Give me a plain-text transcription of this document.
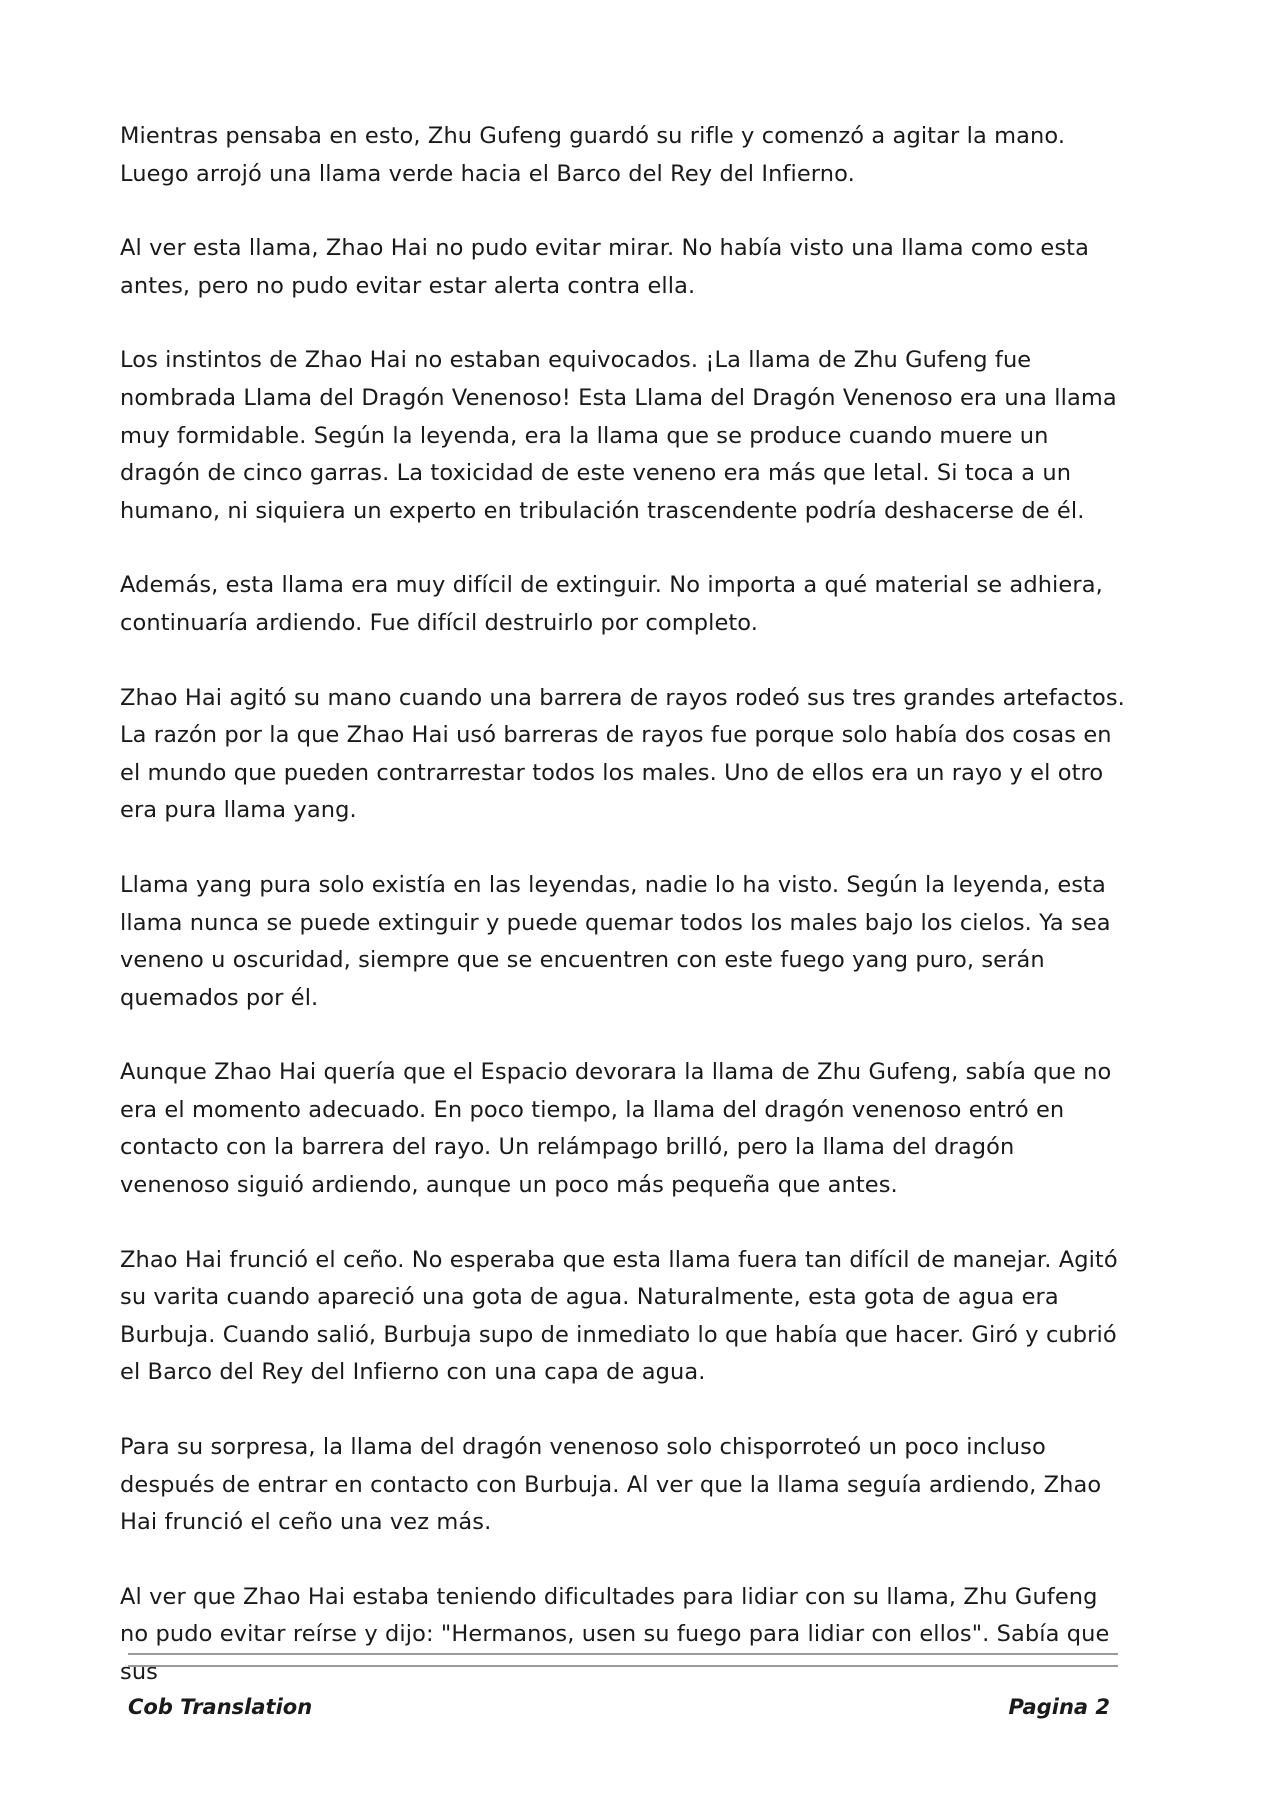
Mientras pensaba en esto, Zhu Gufeng guardó su rifle y comenzó a agitar la mano. Luego arrojó una llama verde hacia el Barco del Rey del Infierno.

Al ver esta llama, Zhao Hai no pudo evitar mirar. No había visto una llama como esta antes, pero no pudo evitar estar alerta contra ella.

Los instintos de Zhao Hai no estaban equivocados. ¡La llama de Zhu Gufeng fue nombrada Llama del Dragón Venenoso! Esta Llama del Dragón Venenoso era una llama muy formidable. Según la leyenda, era la llama que se produce cuando muere un dragón de cinco garras. La toxicidad de este veneno era más que letal. Si toca a un humano, ni siquiera un experto en tribulación trascendente podría deshacerse de él.

Además, esta llama era muy difícil de extinguir. No importa a qué material se adhiera, continuaría ardiendo. Fue difícil destruirlo por completo.

Zhao Hai agitó su mano cuando una barrera de rayos rodeó sus tres grandes artefactos. La razón por la que Zhao Hai usó barreras de rayos fue porque solo había dos cosas en el mundo que pueden contrarrestar todos los males. Uno de ellos era un rayo y el otro era pura llama yang.

Llama yang pura solo existía en las leyendas, nadie lo ha visto. Según la leyenda, esta llama nunca se puede extinguir y puede quemar todos los males bajo los cielos. Ya sea veneno u oscuridad, siempre que se encuentren con este fuego yang puro, serán quemados por él.

Aunque Zhao Hai quería que el Espacio devorara la llama de Zhu Gufeng, sabía que no era el momento adecuado. En poco tiempo, la llama del dragón venenoso entró en contacto con la barrera del rayo. Un relámpago brilló, pero la llama del dragón venenoso siguió ardiendo, aunque un poco más pequeña que antes.

Zhao Hai frunció el ceño. No esperaba que esta llama fuera tan difícil de manejar. Agitó su varita cuando apareció una gota de agua. Naturalmente, esta gota de agua era Burbuja. Cuando salió, Burbuja supo de inmediato lo que había que hacer. Giró y cubrió el Barco del Rey del Infierno con una capa de agua.

Para su sorpresa, la llama del dragón venenoso solo chisporroteó un poco incluso después de entrar en contacto con Burbuja. Al ver que la llama seguía ardiendo, Zhao Hai frunció el ceño una vez más.

Al ver que Zhao Hai estaba teniendo dificultades para lidiar con su llama, Zhu Gufeng no pudo evitar reírse y dijo: "Hermanos, usen su fuego para lidiar con ellos". Sabía que sus

Cob Translation	Pagina 2
